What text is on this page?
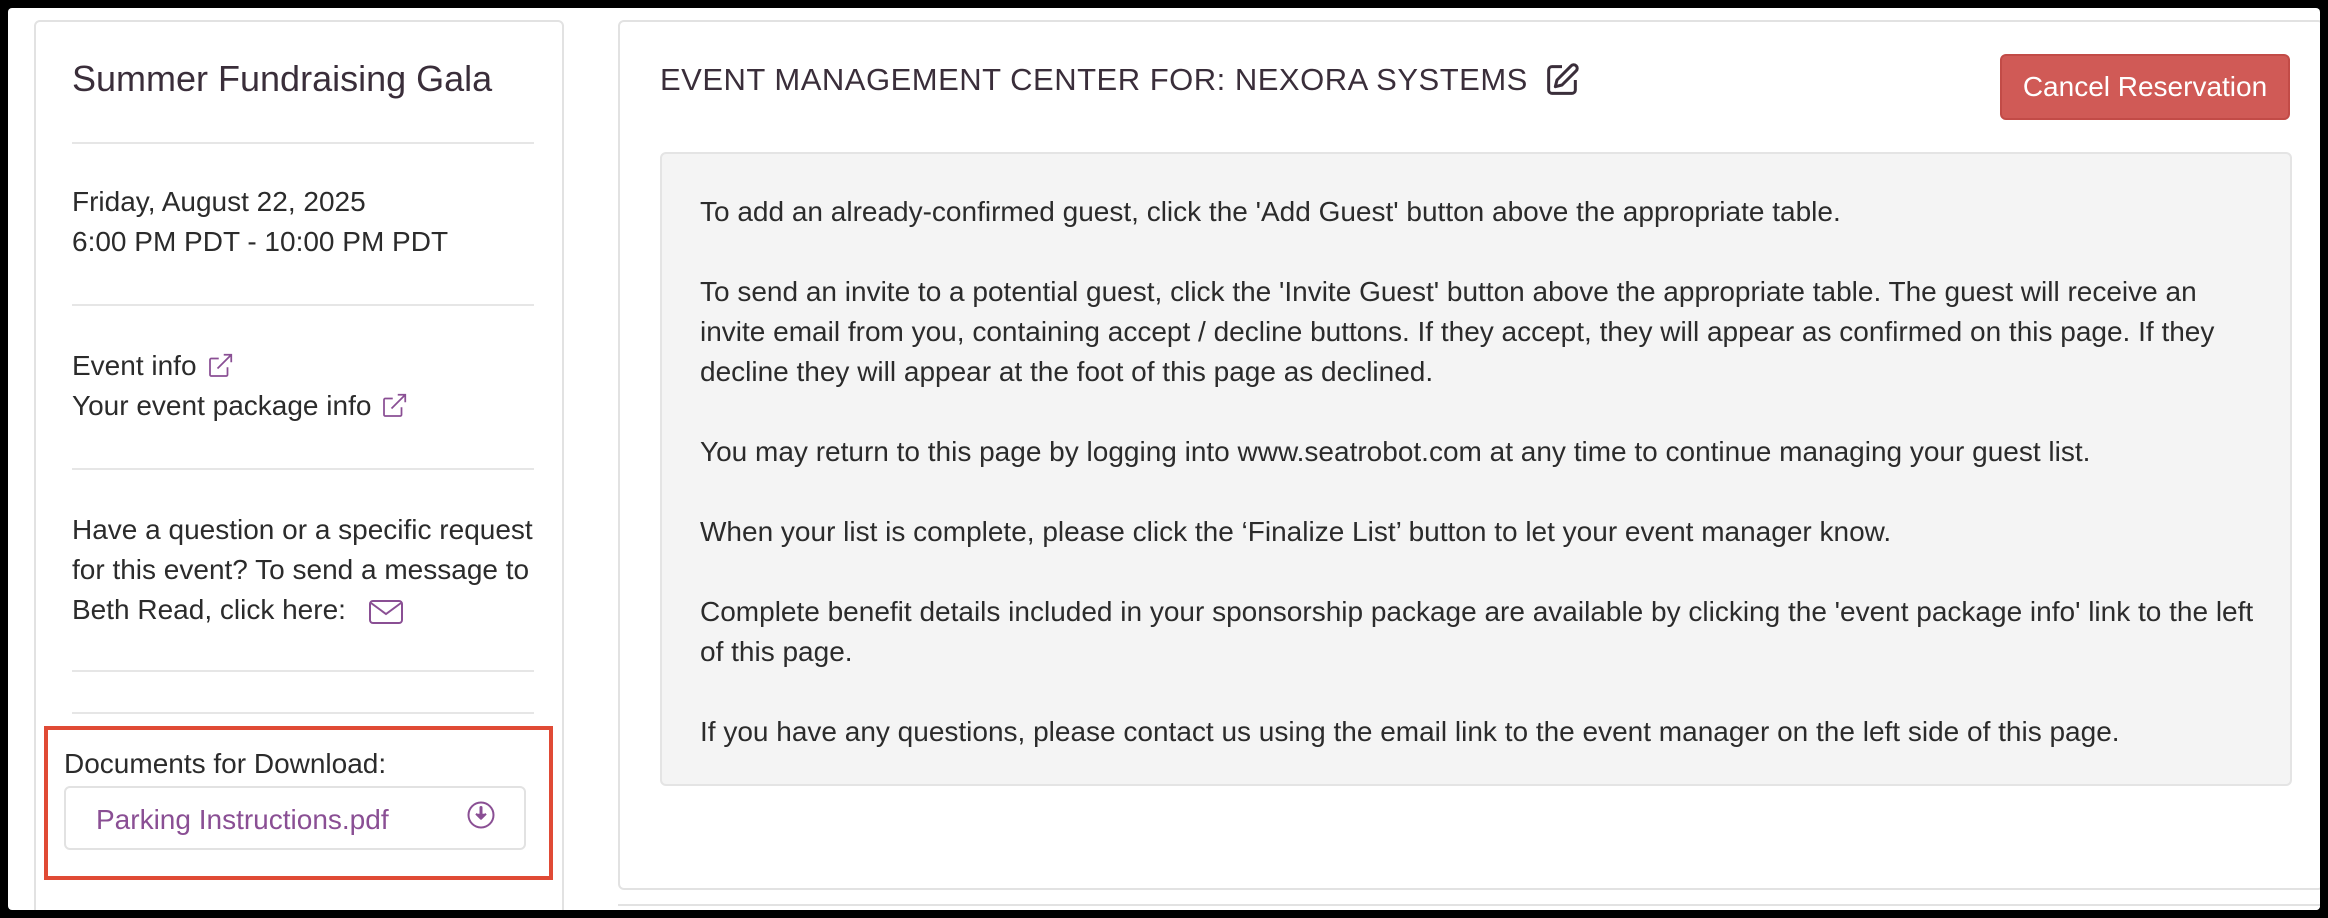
Summer Fundraising Gala
Friday, August 22, 2025
6:00 PM PDT - 10:00 PM PDT
Event info
Your event package info
Have a question or a specific request
for this event? To send a message to
Beth Read, click here:
Documents for Download:
Parking Instructions.pdf
EVENT MANAGEMENT CENTER FOR: NEXORA SYSTEMS	Cancel Reservation

To add an already-confirmed guest, click the 'Add Guest' button above the appropriate table.

To send an invite to a potential guest, click the 'Invite Guest' button above the appropriate table. The guest will receive an invite email from you, containing accept / decline buttons. If they accept, they will appear as confirmed on this page. If they decline they will appear at the foot of this page as declined.

You may return to this page by logging into www.seatrobot.com at any time to continue managing your guest list.

When your list is complete, please click the ‘Finalize List’ button to let your event manager know.

Complete benefit details included in your sponsorship package are available by clicking the 'event package info' link to the left of this page.

If you have any questions, please contact us using the email link to the event manager on the left side of this page.
